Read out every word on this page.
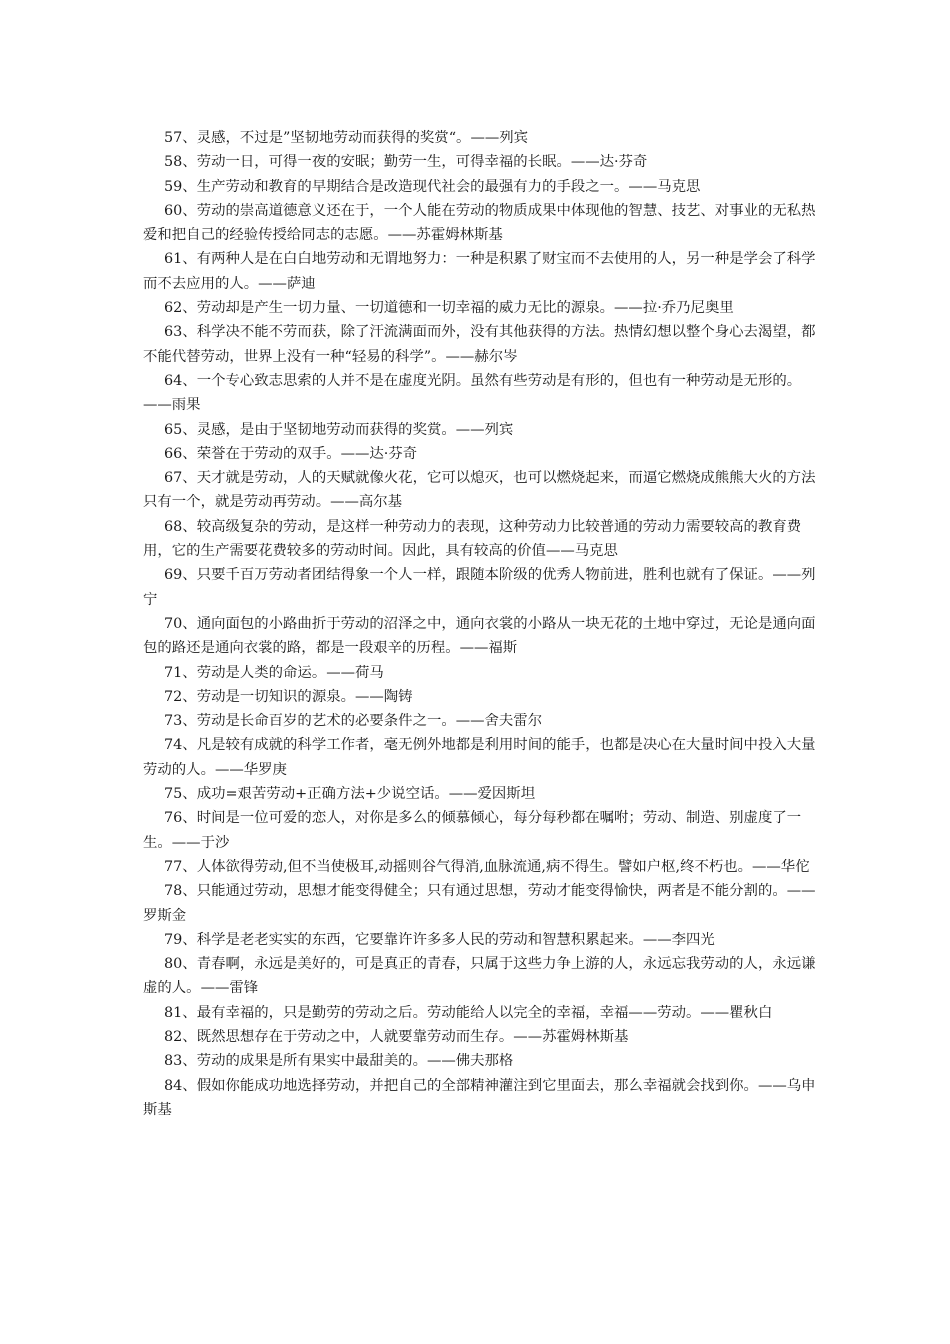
57、灵感，不过是”坚韧地劳动而获得的奖赏“。——列宾

58、劳动一日，可得一夜的安眠；勤劳一生，可得幸福的长眠。——达·芬奇

59、生产劳动和教育的早期结合是改造现代社会的最强有力的手段之一。——马克思

60、劳动的崇高道德意义还在于，一个人能在劳动的物质成果中体现他的智慧、技艺、对事业的无私热爱和把自己的经验传授给同志的志愿。——苏霍姆林斯基

61、有两种人是在白白地劳动和无谓地努力：一种是积累了财宝而不去使用的人，另一种是学会了科学而不去应用的人。——萨迪

62、劳动却是产生一切力量、一切道德和一切幸福的威力无比的源泉。——拉·乔乃尼奥里

63、科学决不能不劳而获，除了汗流满面而外，没有其他获得的方法。热情幻想以整个身心去渴望，都不能代替劳动，世界上没有一种“轻易的科学”。——赫尔岑

64、一个专心致志思索的人并不是在虚度光阴。虽然有些劳动是有形的，但也有一种劳动是无形的。——雨果

65、灵感，是由于坚韧地劳动而获得的奖赏。——列宾

66、荣誉在于劳动的双手。——达·芬奇

67、天才就是劳动，人的天赋就像火花，它可以熄灭，也可以燃烧起来，而逼它燃烧成熊熊大火的方法只有一个，就是劳动再劳动。——高尔基

68、较高级复杂的劳动，是这样一种劳动力的表现，这种劳动力比较普通的劳动力需要较高的教育费用，它的生产需要花费较多的劳动时间。因此，具有较高的价值——马克思

69、只要千百万劳动者团结得象一个人一样，跟随本阶级的优秀人物前进，胜利也就有了保证。——列宁

70、通向面包的小路曲折于劳动的沼泽之中，通向衣裳的小路从一块无花的土地中穿过，无论是通向面包的路还是通向衣裳的路，都是一段艰辛的历程。——福斯

71、劳动是人类的命运。——荷马

72、劳动是一切知识的源泉。——陶铸

73、劳动是长命百岁的艺术的必要条件之一。——舍夫雷尔

74、凡是较有成就的科学工作者，毫无例外地都是利用时间的能手，也都是决心在大量时间中投入大量劳动的人。——华罗庚

75、成功=艰苦劳动+正确方法+少说空话。——爱因斯坦

76、时间是一位可爱的恋人，对你是多么的倾慕倾心，每分每秒都在嘱咐；劳动、制造、别虚度了一生。——于沙

77、人体欲得劳动,但不当使极耳,动摇则谷气得消,血脉流通,病不得生。譬如户枢,终不朽也。——华佗

78、只能通过劳动，思想才能变得健全；只有通过思想，劳动才能变得愉快，两者是不能分割的。——罗斯金

79、科学是老老实实的东西，它要靠许许多多人民的劳动和智慧积累起来。——李四光

80、青春啊，永远是美好的，可是真正的青春，只属于这些力争上游的人，永远忘我劳动的人，永远谦虚的人。——雷锋

81、最有幸福的，只是勤劳的劳动之后。劳动能给人以完全的幸福，幸福——劳动。——瞿秋白

82、既然思想存在于劳动之中，人就要靠劳动而生存。——苏霍姆林斯基

83、劳动的成果是所有果实中最甜美的。——佛夫那格

84、假如你能成功地选择劳动，并把自己的全部精神灌注到它里面去，那么幸福就会找到你。——乌申斯基
